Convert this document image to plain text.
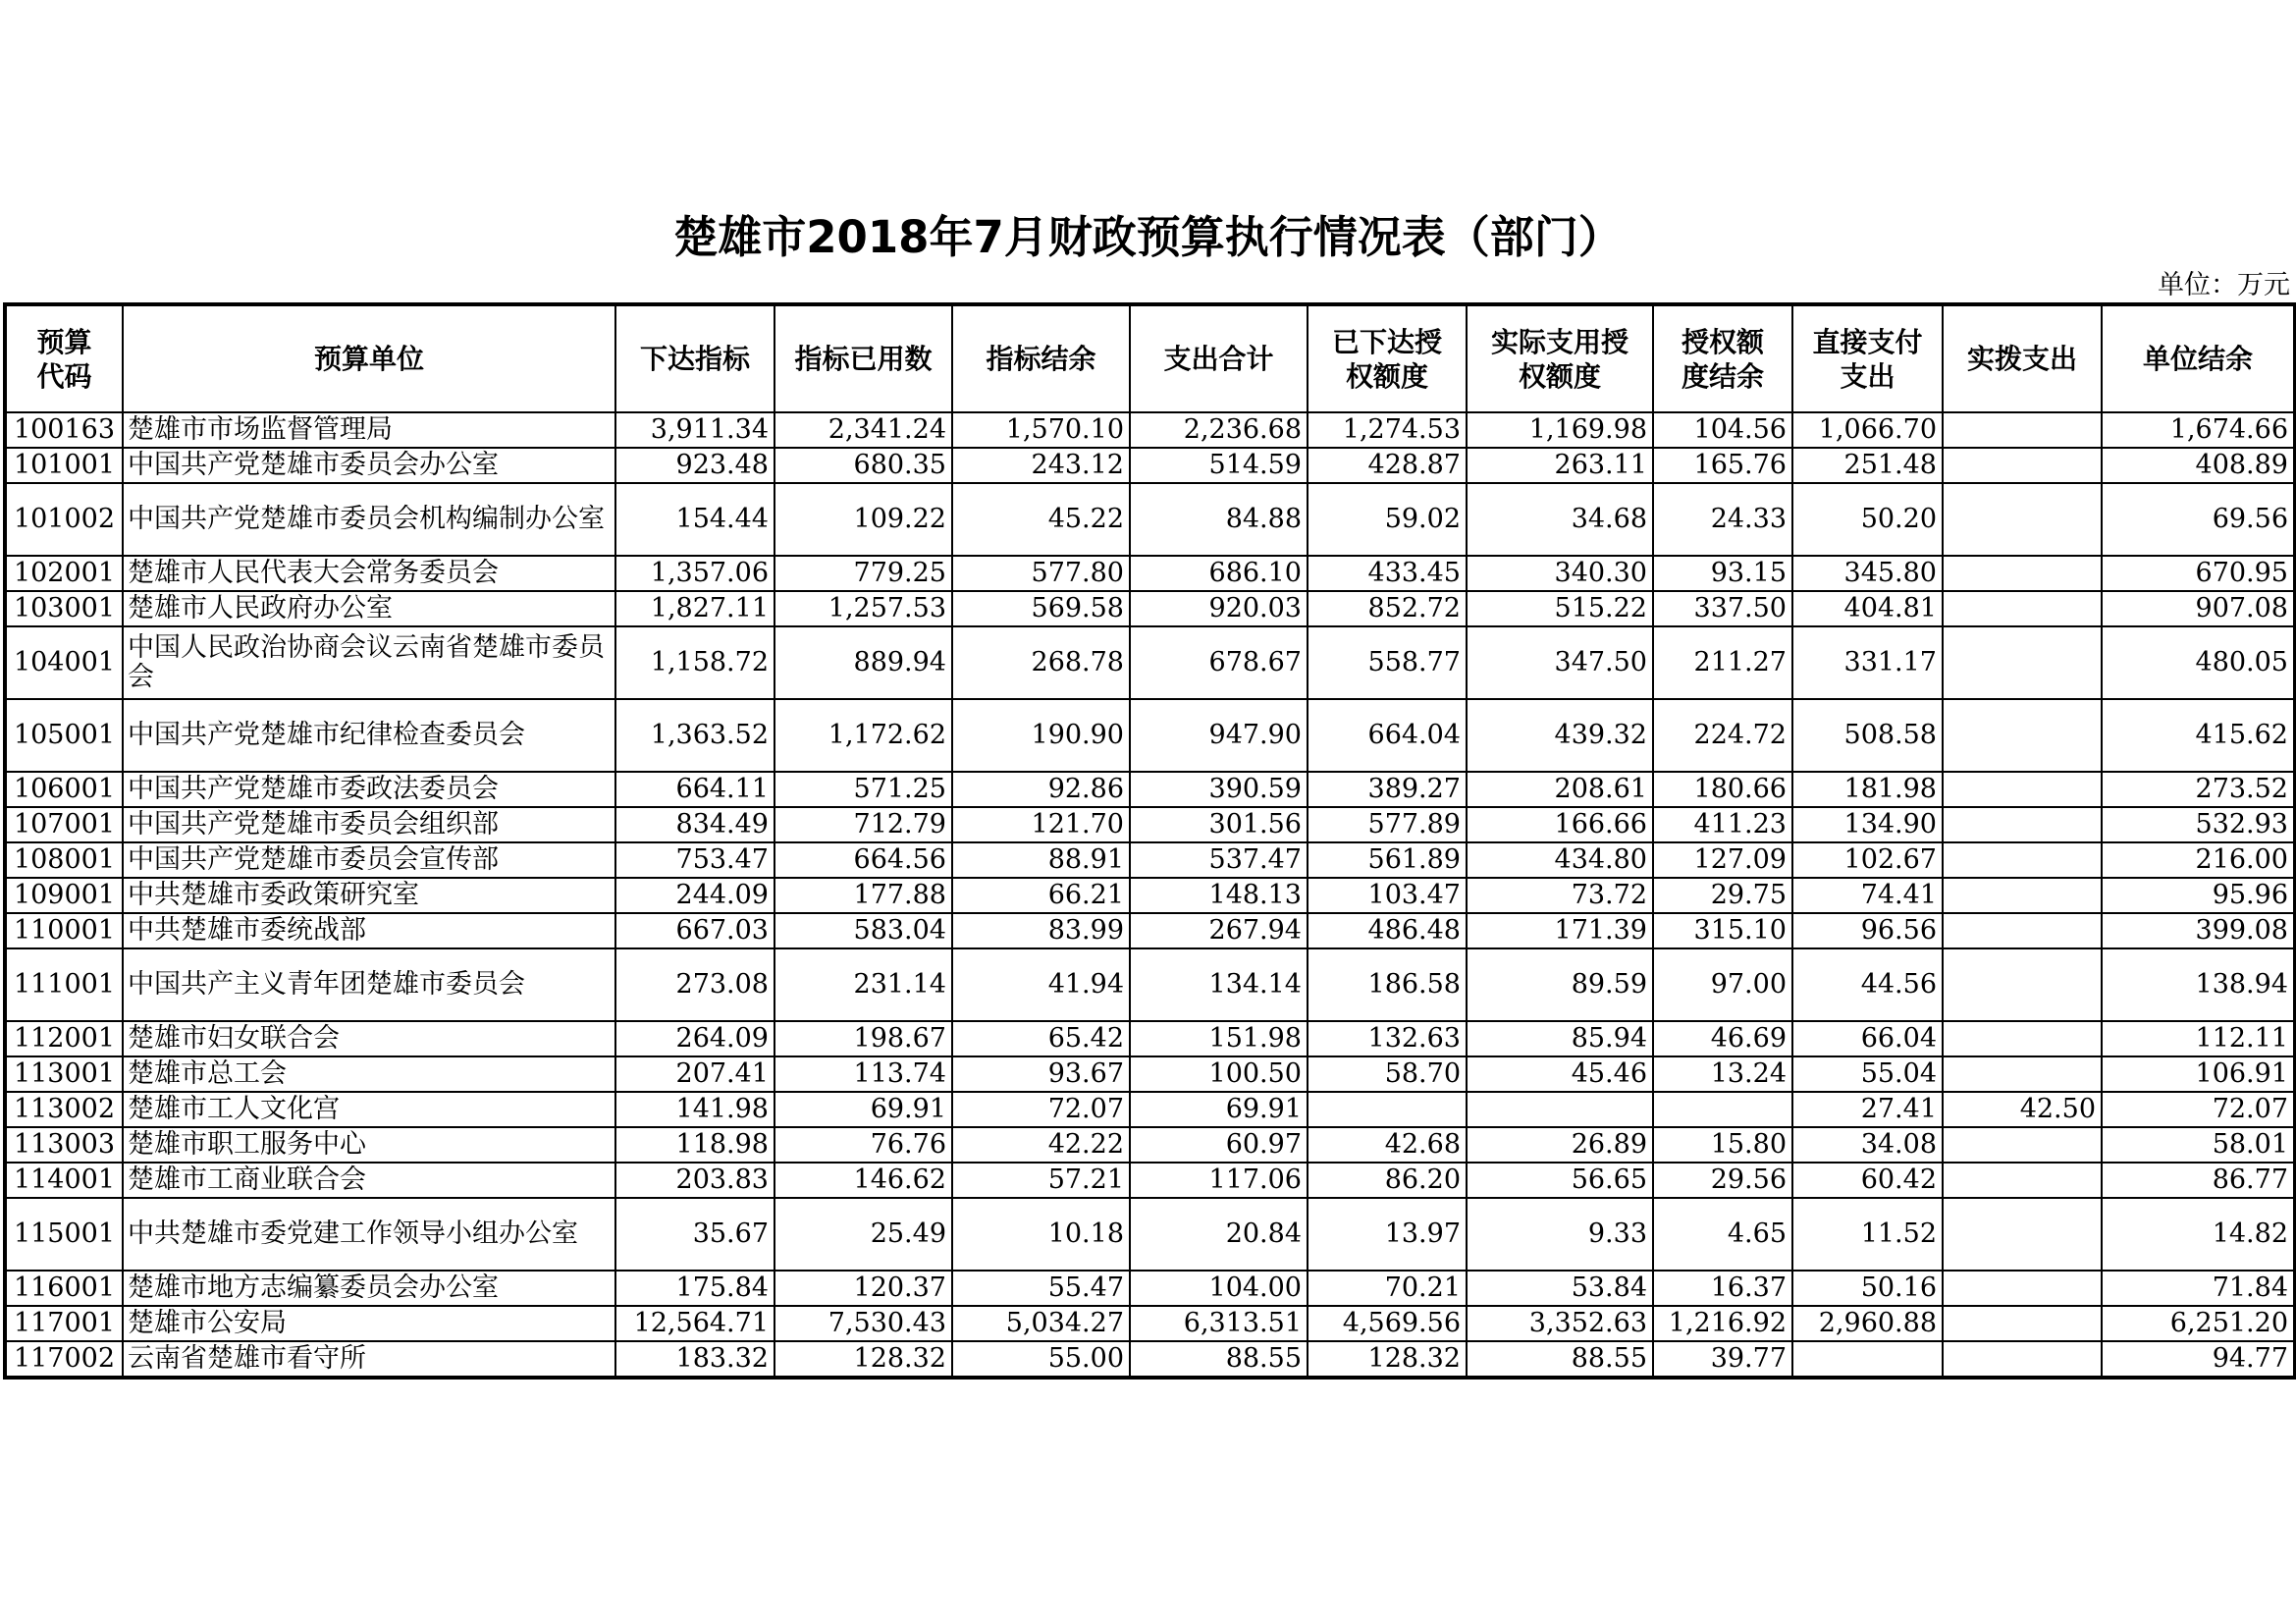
楚雄市2018年7月财政预算执行情况表（部门）
单位：万元
预算代码	预算单位	下达指标	指标已用数	指标结余	支出合计	已下达授权额度	实际支用授权额度	授权额度结余	直接支付支出	实拨支出	单位结余
100163	楚雄市市场监督管理局	3,911.34	2,341.24	1,570.10	2,236.68	1,274.53	1,169.98	104.56	1,066.70		1,674.66
101001	中国共产党楚雄市委员会办公室	923.48	680.35	243.12	514.59	428.87	263.11	165.76	251.48		408.89
101002	中国共产党楚雄市委员会机构编制办公室	154.44	109.22	45.22	84.88	59.02	34.68	24.33	50.20		69.56
102001	楚雄市人民代表大会常务委员会	1,357.06	779.25	577.80	686.10	433.45	340.30	93.15	345.80		670.95
103001	楚雄市人民政府办公室	1,827.11	1,257.53	569.58	920.03	852.72	515.22	337.50	404.81		907.08
104001	中国人民政治协商会议云南省楚雄市委员会	1,158.72	889.94	268.78	678.67	558.77	347.50	211.27	331.17		480.05
105001	中国共产党楚雄市纪律检查委员会	1,363.52	1,172.62	190.90	947.90	664.04	439.32	224.72	508.58		415.62
106001	中国共产党楚雄市委政法委员会	664.11	571.25	92.86	390.59	389.27	208.61	180.66	181.98		273.52
107001	中国共产党楚雄市委员会组织部	834.49	712.79	121.70	301.56	577.89	166.66	411.23	134.90		532.93
108001	中国共产党楚雄市委员会宣传部	753.47	664.56	88.91	537.47	561.89	434.80	127.09	102.67		216.00
109001	中共楚雄市委政策研究室	244.09	177.88	66.21	148.13	103.47	73.72	29.75	74.41		95.96
110001	中共楚雄市委统战部	667.03	583.04	83.99	267.94	486.48	171.39	315.10	96.56		399.08
111001	中国共产主义青年团楚雄市委员会	273.08	231.14	41.94	134.14	186.58	89.59	97.00	44.56		138.94
112001	楚雄市妇女联合会	264.09	198.67	65.42	151.98	132.63	85.94	46.69	66.04		112.11
113001	楚雄市总工会	207.41	113.74	93.67	100.50	58.70	45.46	13.24	55.04		106.91
113002	楚雄市工人文化宫	141.98	69.91	72.07	69.91				27.41	42.50	72.07
113003	楚雄市职工服务中心	118.98	76.76	42.22	60.97	42.68	26.89	15.80	34.08		58.01
114001	楚雄市工商业联合会	203.83	146.62	57.21	117.06	86.20	56.65	29.56	60.42		86.77
115001	中共楚雄市委党建工作领导小组办公室	35.67	25.49	10.18	20.84	13.97	9.33	4.65	11.52		14.82
116001	楚雄市地方志编纂委员会办公室	175.84	120.37	55.47	104.00	70.21	53.84	16.37	50.16		71.84
117001	楚雄市公安局	12,564.71	7,530.43	5,034.27	6,313.51	4,569.56	3,352.63	1,216.92	2,960.88		6,251.20
117002	云南省楚雄市看守所	183.32	128.32	55.00	88.55	128.32	88.55	39.77			94.77
